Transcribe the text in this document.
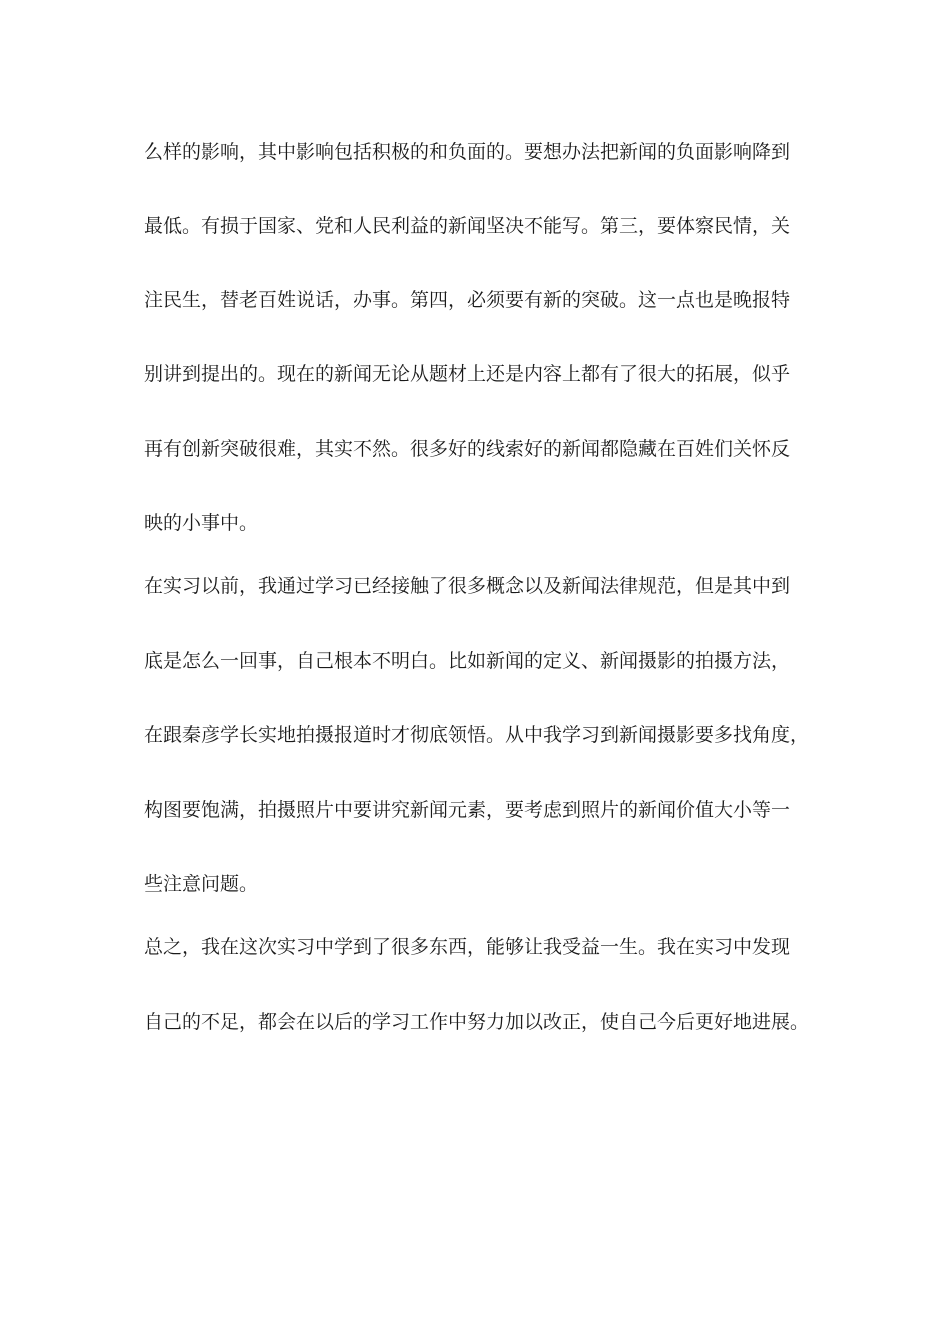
么样的影响，其中影响包括积极的和负面的。要想办法把新闻的负面影响降到

最低。有损于国家、党和人民利益的新闻坚决不能写。第三，要体察民情，关

注民生，替老百姓说话，办事。第四，必须要有新的突破。这一点也是晚报特

别讲到提出的。现在的新闻无论从题材上还是内容上都有了很大的拓展，似乎

再有创新突破很难，其实不然。很多好的线索好的新闻都隐藏在百姓们关怀反

映的小事中。

在实习以前，我通过学习已经接触了很多概念以及新闻法律规范，但是其中到

底是怎么一回事，自己根本不明白。比如新闻的定义、新闻摄影的拍摄方法，

在跟秦彦学长实地拍摄报道时才彻底领悟。从中我学习到新闻摄影要多找角度，

构图要饱满，拍摄照片中要讲究新闻元素，要考虑到照片的新闻价值大小等一

些注意问题。

总之，我在这次实习中学到了很多东西，能够让我受益一生。我在实习中发现

自己的不足，都会在以后的学习工作中努力加以改正，使自己今后更好地进展。
